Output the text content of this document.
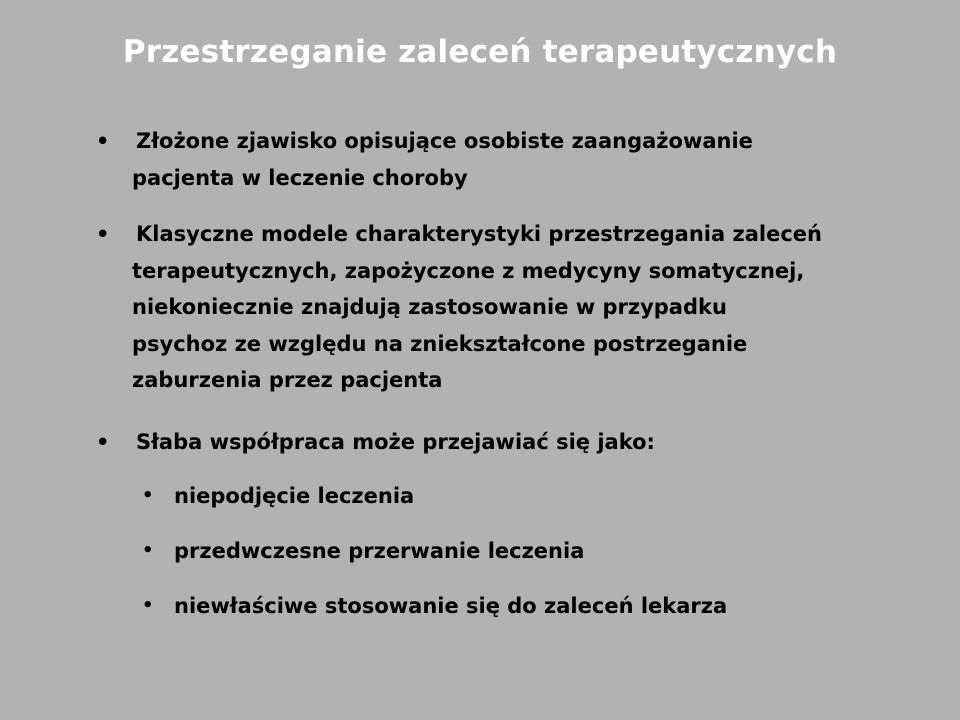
Przestrzeganie zaleceń terapeutycznych
• Złożone zjawisko opisujące osobiste zaangażowanie
pacjenta w leczenie choroby
• Klasyczne modele charakterystyki przestrzegania zaleceń
terapeutycznych, zapożyczone z medycyny somatycznej,
niekoniecznie znajdują zastosowanie w przypadku
psychoz ze względu na zniekształcone postrzeganie
zaburzenia przez pacjenta
• Słaba współpraca może przejawiać się jako:
• niepodjęcie leczenia
• przedwczesne przerwanie leczenia
• niewłaściwe stosowanie się do zaleceń lekarza
